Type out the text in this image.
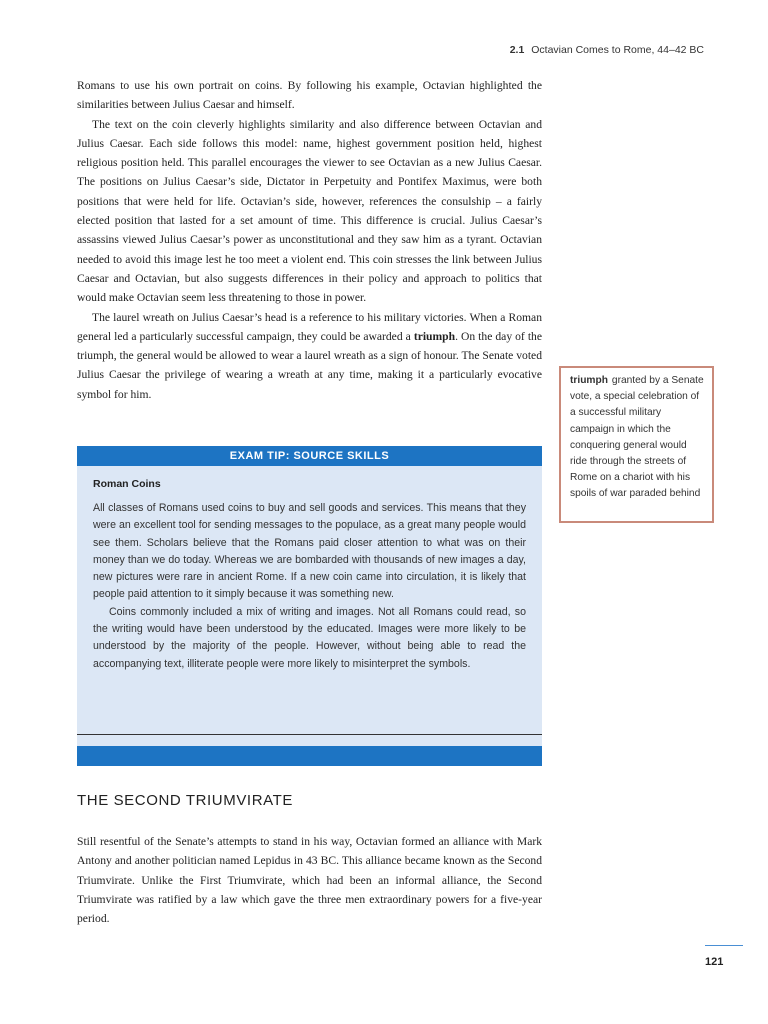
2.1 Octavian Comes to Rome, 44–42 BC

Romans to use his own portrait on coins. By following his example, Octavian highlighted the similarities between Julius Caesar and himself.

The text on the coin cleverly highlights similarity and also difference between Octavian and Julius Caesar. Each side follows this model: name, highest government position held, highest religious position held. This parallel encourages the viewer to see Octavian as a new Julius Caesar. The positions on Julius Caesar’s side, Dictator in Perpetuity and Pontifex Maximus, were both positions that were held for life. Octavian’s side, however, references the consulship – a fairly elected position that lasted for a set amount of time. This difference is crucial. Julius Caesar’s assassins viewed Julius Caesar’s power as unconstitutional and they saw him as a tyrant. Octavian needed to avoid this image lest he too meet a violent end. This coin stresses the link between Julius Caesar and Octavian, but also suggests differences in their policy and approach to politics that would make Octavian seem less threatening to those in power.

The laurel wreath on Julius Caesar’s head is a reference to his military victories. When a Roman general led a particularly successful campaign, they could be awarded a triumph. On the day of the triumph, the general would be allowed to wear a laurel wreath as a sign of honour. The Senate voted Julius Caesar the privilege of wearing a wreath at any time, making it a particularly evocative symbol for him.

EXAM TIP: SOURCE SKILLS

Roman Coins

All classes of Romans used coins to buy and sell goods and services. This means that they were an excellent tool for sending messages to the populace, as a great many people would see them. Scholars believe that the Romans paid closer attention to what was on their money than we do today. Whereas we are bombarded with thousands of new images a day, new pictures were rare in ancient Rome. If a new coin came into circulation, it is likely that people paid attention to it simply because it was something new.

Coins commonly included a mix of writing and images. Not all Romans could read, so the writing would have been understood by the educated. Images were more likely to be understood by the majority of the people. However, without being able to read the accompanying text, illiterate people were more likely to misinterpret the symbols.

THE SECOND TRIUMVIRATE

Still resentful of the Senate’s attempts to stand in his way, Octavian formed an alliance with Mark Antony and another politician named Lepidus in 43 BC. This alliance became known as the Second Triumvirate. Unlike the First Triumvirate, which had been an informal alliance, the Second Triumvirate was ratified by a law which gave the three men extraordinary powers for a five-year period.

triumph granted by a Senate vote, a special celebration of a successful military campaign in which the conquering general would ride through the streets of Rome on a chariot with his spoils of war paraded behind
121
